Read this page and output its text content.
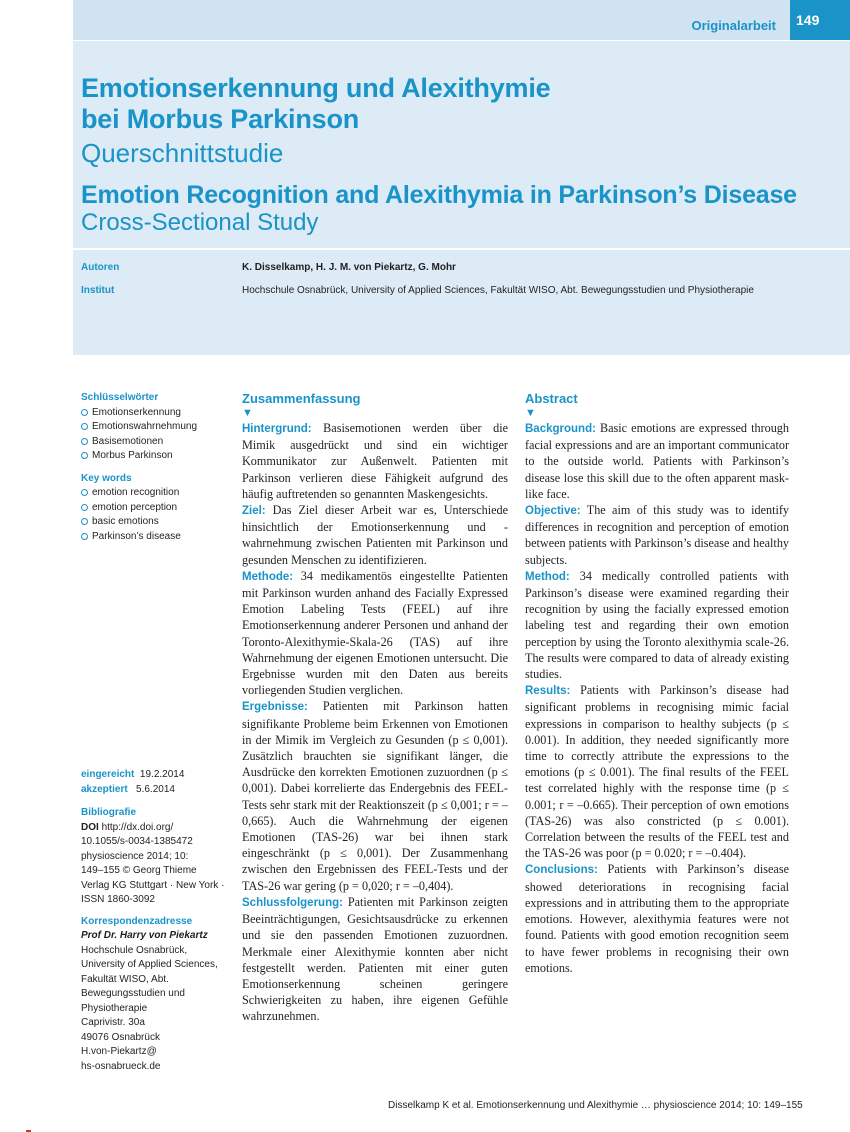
Originalarbeit	149
Emotionserkennung und Alexithymie
bei Morbus Parkinson
Querschnittstudie
Emotion Recognition and Alexithymia in Parkinson’s Disease
Cross-Sectional Study
Autoren	K. Disselkamp, H. J. M. von Piekartz, G. Mohr
Institut	Hochschule Osnabrück, University of Applied Sciences, Fakultät WISO, Abt. Bewegungsstudien und Physiotherapie
Schlüsselwörter
Emotionserkennung
Emotionswahrnehmung
Basisemotionen
Morbus Parkinson
Key words
emotion recognition
emotion perception
basic emotions
Parkinson’s disease
eingereicht 19.2.2014
akzeptiert 5.6.2014
Bibliografie

DOI http://dx.doi.org/

10.1055/s-0034-1385472

physioscience 2014; 10:

149–155 © Georg Thieme

Verlag KG Stuttgart · New York ·

ISSN 1860-3092

Korrespondenzadresse

Prof Dr. Harry von Piekartz

Hochschule Osnabrück,

University of Applied Sciences,

Fakultät WISO, Abt.

Bewegungsstudien und

Physiotherapie

Caprivistr. 30a

49076 Osnabrück

H.von-Piekartz@
hs-osnabrueck.de

Zusammenfassung
▼

Hintergrund: Basisemotionen werden über die Mimik ausgedrückt und sind ein wichtiger Kommunikator zur Außenwelt. Patienten mit Parkinson verlieren diese Fähigkeit aufgrund des häufig auftretenden so genannten Maskengesichts.

Ziel: Das Ziel dieser Arbeit war es, Unterschiede hinsichtlich der Emotionserkennung und -wahrnehmung zwischen Patienten mit Parkinson und gesunden Menschen zu identifizieren.

Methode: 34 medikamentös eingestellte Patienten mit Parkinson wurden anhand des Facially Expressed Emotion Labeling Tests (FEEL) auf ihre Emotionserkennung anderer Personen und anhand der Toronto-Alexithymie-Skala-26 (TAS) auf ihre Wahrnehmung der eigenen Emotionen untersucht. Die Ergebnisse wurden mit den Daten aus bereits vorliegenden Studien verglichen.

Ergebnisse: Patienten mit Parkinson hatten signifikante Probleme beim Erkennen von Emotionen in der Mimik im Vergleich zu Gesunden (p ≤ 0,001). Zusätzlich brauchten sie signifikant länger, die Ausdrücke den korrekten Emotionen zuzuordnen (p ≤ 0,001). Dabei korrelierte das Endergebnis des FEEL-Tests sehr stark mit der Reaktionszeit (p ≤ 0,001; r = –0,665). Auch die Wahrnehmung der eigenen Emotionen (TAS-26) war bei ihnen stark eingeschränkt (p ≤ 0,001). Der Zusammenhang zwischen den Ergebnissen des FEEL-Tests und der TAS-26 war gering (p = 0,020; r = –0,404).

Schlussfolgerung: Patienten mit Parkinson zeigten Beeinträchtigungen, Gesichtsausdrücke zu erkennen und sie den passenden Emotionen zuzuordnen. Merkmale einer Alexithymie konnten aber nicht festgestellt werden. Patienten mit einer guten Emotionserkennung scheinen geringere Schwierigkeiten zu haben, ihre eigenen Gefühle wahrzunehmen.

Abstract
▼

Background: Basic emotions are expressed through facial expressions and are an important communicator to the outside world. Patients with Parkinson’s disease lose this skill due to the often apparent mask-like face.

Objective: The aim of this study was to identify differences in recognition and perception of emotion between patients with Parkinson’s disease and healthy subjects.

Method: 34 medically controlled patients with Parkinson’s disease were examined regarding their recognition by using the facially expressed emotion labeling test and regarding their own emotion perception by using the Toronto alexithymia scale-26. The results were compared to data of already existing studies.

Results: Patients with Parkinson’s disease had significant problems in recognising mimic facial expressions in comparison to healthy subjects (p ≤ 0.001). In addition, they needed significantly more time to correctly attribute the expressions to the emotions (p ≤ 0.001). The final results of the FEEL test correlated highly with the response time (p ≤ 0.001; r = –0.665). Their perception of own emotions (TAS-26) was also constricted (p ≤ 0.001). Correlation between the results of the FEEL test and the TAS-26 was poor (p = 0.020; r = –0.404).

Conclusions: Patients with Parkinson’s disease showed deteriorations in recognising facial expressions and in attributing them to the appropriate emotions. However, alexithymia features were not found. Patients with good emotion recognition seem to have fewer problems in recognising their own emotions.

Disselkamp K et al. Emotionserkennung und Alexithymie … physioscience 2014; 10: 149–155
